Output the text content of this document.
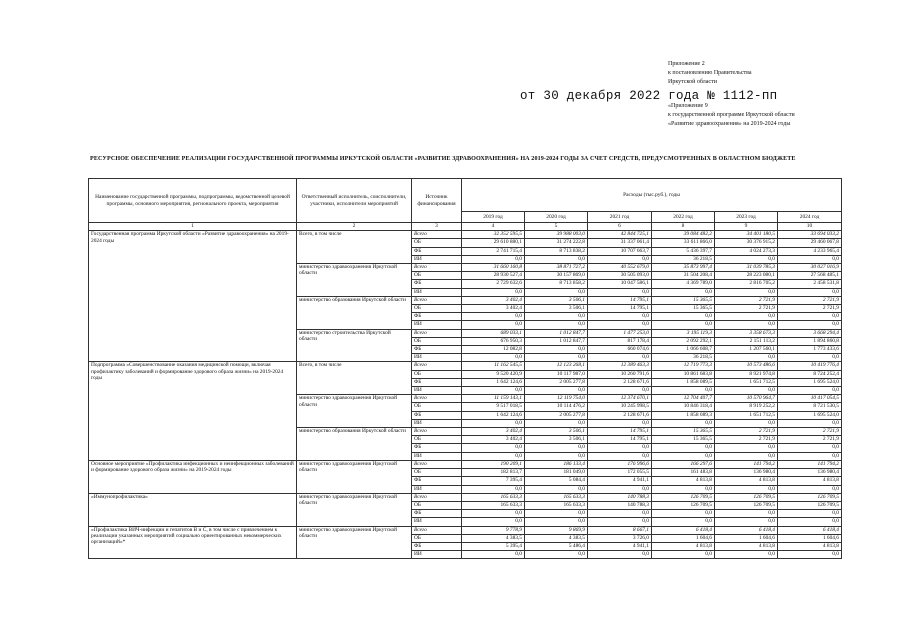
Приложение 2
к постановлению Правительства
Иркутской области
от 30 декабря 2022 года № 1112-пп
«Приложение 9
к государственной программе Иркутской области
«Развитие здравоохранения» на 2019-2024 годы
РЕСУРСНОЕ ОБЕСПЕЧЕНИЕ РЕАЛИЗАЦИИ ГОСУДАРСТВЕННОЙ ПРОГРАММЫ ИРКУТСКОЙ ОБЛАСТИ «РАЗВИТИЕ ЗДРАВООХРАНЕНИЯ» НА 2019-2024 ГОДЫ ЗА СЧЕТ СРЕДСТВ, ПРЕДУСМОТРЕННЫХ В ОБЛАСТНОМ БЮДЖЕТЕ
Наименование государственной программы, подпрограммы, ведомственной целевой программы, основного мероприятия, регионального проекта, мероприятия	Ответственный исполнитель, соисполнители, участники, исполнители мероприятий	Источник финансирования	Расходы (тыс.руб.), годы					
			2019 год	2020 год	2021 год	2022 год	2023 год	2024 год
1	2	3	4	5	6	8	9	10
Государственная программа Иркутской области «Развитие здравоохранения» на 2019-2024 годы	Всего, в том числе	Всего	32 352 595,5	39 988 003,0	42 844 725,1	39 084 482,2	34 401 180,5	33 694 033,2
		ОБ	29 610 880,1	31 274 222,8	31 337 061,4	33 611 866,0	30 376 915,2	29 460 067,8
		ФБ	2 741 715,4	8 713 838,2	10 707 663,7	5 436 397,7	4 024 273,3	4 233 965,4
		ИИ	0,0	0,0	0,0	36 218,5	0,0	0,0
	министерство здравоохранения Иркутской области	Всего	31 660 160,8	38 871 727,2	40 552 679,0	35 873 997,4	31 039 785,3	30 027 016,9
		ОБ	28 930 527,4	30 157 869,0	30 505 093,0	31 504 208,4	28 223 080,1	27 568 485,1
		ФБ	2 729 632,6	8 713 858,2	10 047 586,1	4 369 789,0	2 816 705,2	2 458 531,8
		ИИ	0,0	0,0	0,0	0,0	0,0	0,0
	министерство образования Иркутской области	Всего	3 402,4	3 506,1	14 795,1	15 365,5	2 721,9	2 721,9
		ОБ	3 402,4	3 506,1	14 795,1	15 365,5	2 721,9	2 721,9
		ФБ	0,0	0,0	0,0	0,0	0,0	0,0
		ИИ	0,0	0,0	0,0	0,0	0,0	0,0
	министерство строительства Иркутской области	Всего	689 033,1	1 012 847,7	1 477 253,0	3 195 119,3	3 358 673,3	3 668 294,4
		ОБ	676 950,3	1 012 847,7	817 178,4	2 092 292,1	2 151 113,2	1 894 860,8
		ФБ	12 082,8	0,0	660 074,6	1 066 608,7	1 207 560,1	1 773 433,6
		ИИ	0,0	0,0	0,0	36 218,5	0,0	0,0
Подпрограмма «Совершенствование оказания медицинской помощи, включая профилактику заболеваний и формирование здорового образа жизни» на 2019-2024 годы	Всего, в том числе	Всего	11 162 545,5	12 123 268,1	12 389 463,3	12 719 773,3	10 573 486,6	10 419 776,4
		ОБ	9 520 420,9	10 117 987,0	10 260 791,6	10 861 683,8	8 921 974,8	8 724 252,4
		ФБ	1 642 124,6	2 005 277,8	2 128 671,6	1 858 089,5	1 651 712,5	1 695 524,0
		ИИ	0,0	0,0	0,0	0,0	0,0	0,0
	министерство здравоохранения Иркутской области	Всего	11 159 143,1	12 119 754,0	12 374 670,1	12 704 407,7	10 570 964,7	10 417 054,5
		ОБ	9 517 018,5	10 114 476,2	10 245 998,5	10 846 318,4	8 919 252,2	8 721 530,5
		ФБ	1 642 124,6	2 005 277,8	2 128 671,6	1 858 089,3	1 651 712,5	1 695 524,0
		ИИ	0,0	0,0	0,0	0,0	0,0	0,0
	министерство образования Иркутской области	Всего	3 402,4	3 506,1	14 795,1	15 365,5	2 721,9	2 721,9
		ОБ	3 402,4	3 506,1	14 795,1	15 365,5	2 721,9	2 721,9
		ФБ	0,0	0,0	0,0	0,0	0,0	0,0
		ИИ	0,0	0,0	0,0	0,0	0,0	0,0
Основное мероприятие «Профилактика инфекционных и неинфекционных заболеваний и формирование здорового образа жизни» на 2019-2024 годы	министерство здравоохранения Иркутской области	Всего	190 209,1	186 133,4	176 996,6	166 297,6	141 794,2	141 794,2
		ОБ	182 813,7	181 049,0	172 055,5	161 483,8	136 980,4	136 980,4
		ФБ	7 395,4	5 084,4	4 941,1	4 813,8	4 813,8	4 813,8
		ИИ	0,0	0,0	0,0	0,0	0,0	0,0
«Иммунопрофилактика»	министерство здравоохранения Иркутской области	Всего	165 633,3	165 633,3	140 788,3	126 709,5	126 709,5	126 709,5
		ОБ	165 633,3	165 633,3	140 788,3	126 709,5	126 709,5	126 709,5
		ФБ	0,0	0,0	0,0	0,0	0,0	0,0
		ИИ	0,0	0,0	0,0	0,0	0,0	0,0
«Профилактика ВИЧ-инфекции и гепатитов В и С, в том числе с привлечением к реализации указанных мероприятий социально ориентированных некоммерческих организаций»*	министерство здравоохранения Иркутской области	Всего	9 778,9	9 869,9	8 667,1	6 418,4	6 418,4	6 418,4
		ОБ	4 383,5	4 383,5	3 726,0	1 604,6	1 604,6	1 604,6
		ФБ	5 395,4	5 486,4	4 941,1	4 813,8	4 813,8	4 813,8
		ИИ	0,0	0,0	0,0	0,0	0,0	0,0
